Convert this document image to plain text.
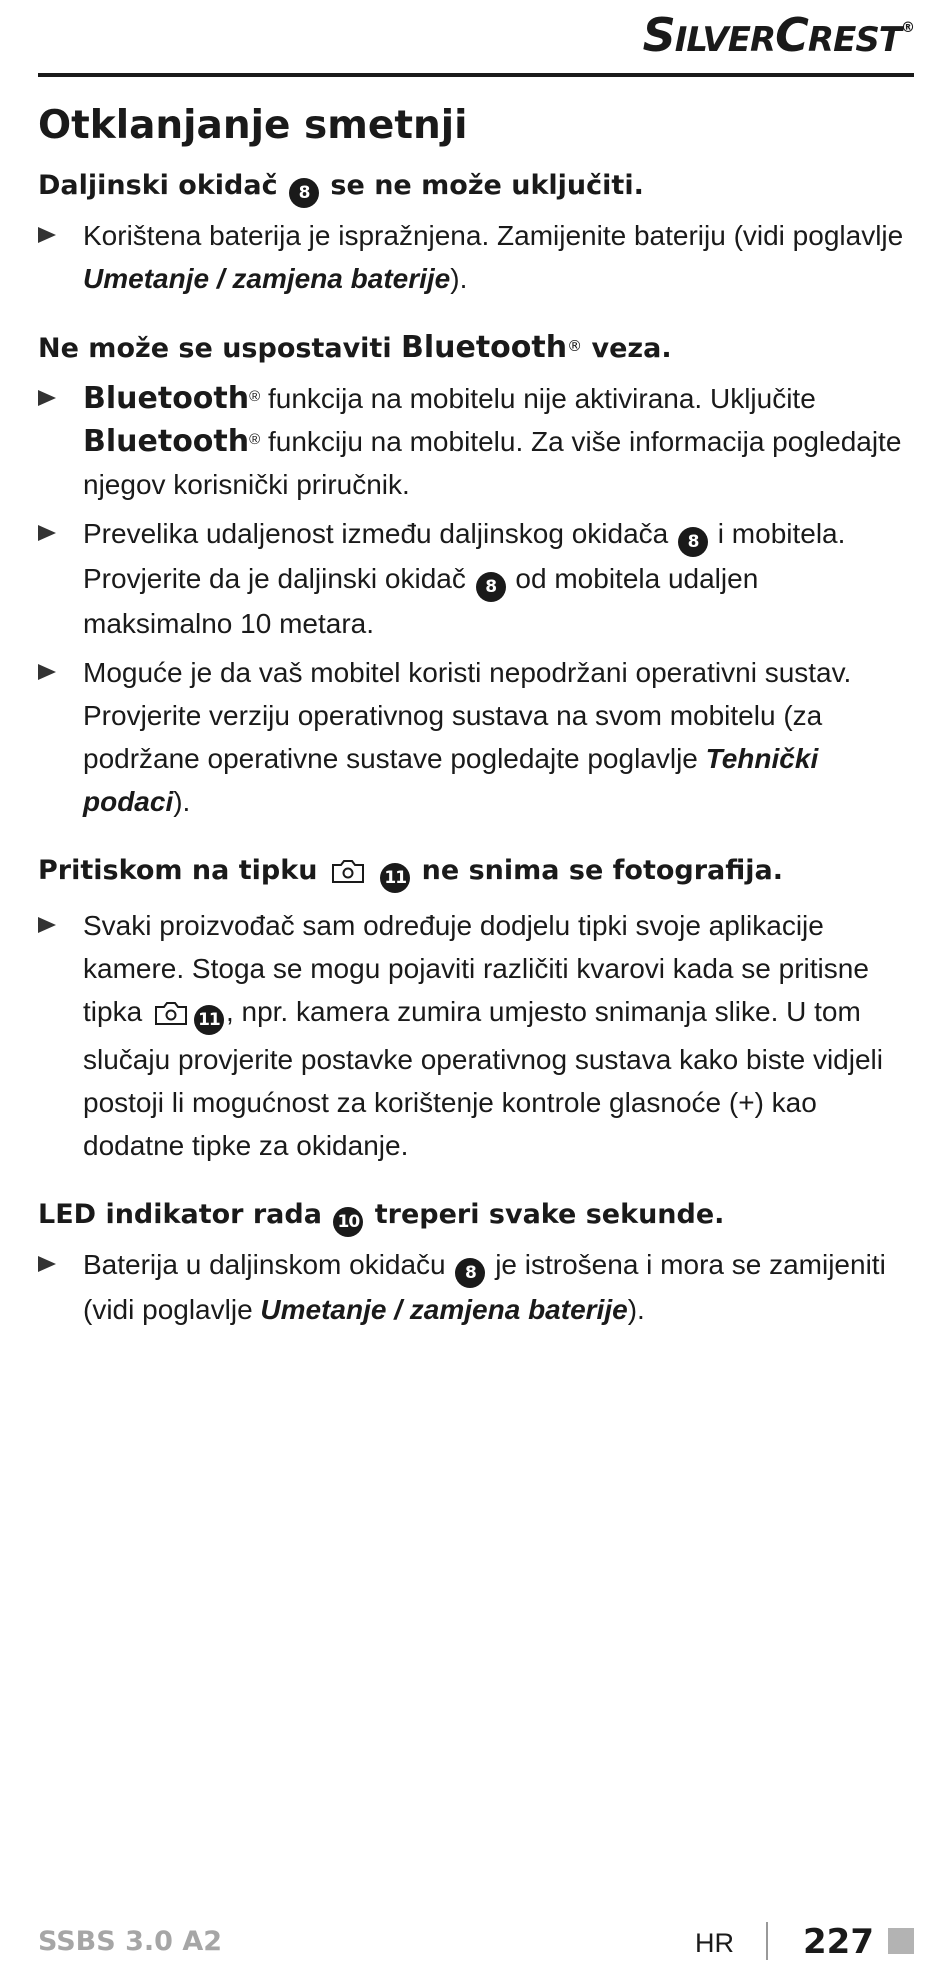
SILVERCREST®
Otklanjanje smetnji
Daljinski okidač 8 se ne može uključiti.

Korištena baterija je ispražnjena. Zamijenite bateriju (vidi poglavlje Umetanje / zamjena baterije).

Ne može se uspostaviti Bluetooth® veza.

Bluetooth® funkcija na mobitelu nije aktivirana. Uključite Bluetooth® funkciju na mobitelu. Za više informacija pogledajte njegov korisnički priručnik.

Prevelika udaljenost između daljinskog okidača 8 i mobitela. Provjerite da je daljinski okidač 8 od mobitela udaljen maksimalno 10 metara.

Moguće je da vaš mobitel koristi nepodržani operativni sustav. Provjerite verziju operativnog sustava na svom mobitelu (za podržane operativne sustave pogledajte poglavlje Tehnički podaci).

Pritiskom na tipku	11 ne snima se fotografija.

Svaki proizvođač sam određuje dodjelu tipki svoje aplikacije kamere. Stoga se mogu pojaviti različiti kvarovi kada se pritisne tipka	11 , npr. kamera zumira umjesto snimanja slike. U tom slučaju provjerite postavke operativnog sustava kako biste vidjeli postoji li mogućnost za korištenje kontrole glasnoće (+) kao dodatne tipke za okidanje.

LED indikator rada 10 treperi svake sekunde.

Baterija u daljinskom okidaču 8 je istrošena i mora se zamijeniti (vidi poglavlje Umetanje / zamjena baterije).

SSBS 3.0 A2	HR 227
